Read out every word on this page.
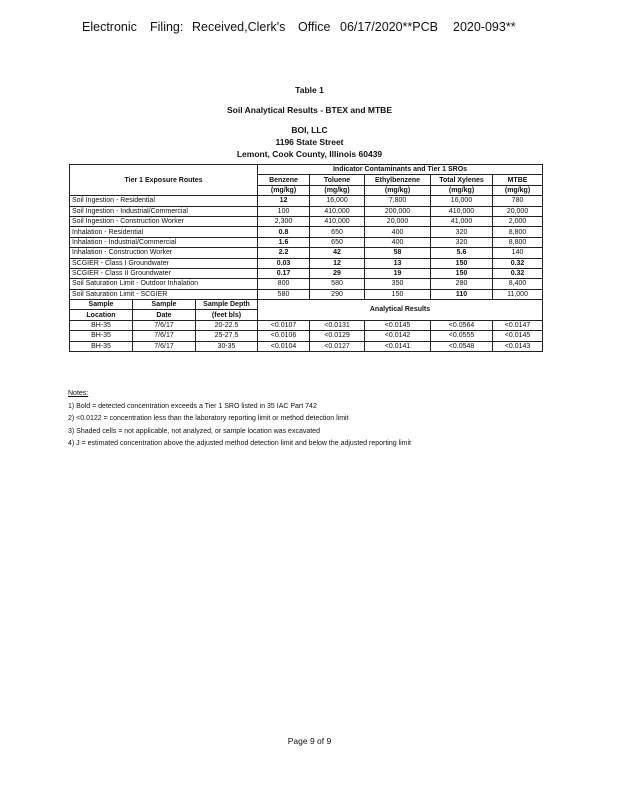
Electronic Filing: Received,Clerk's Office 06/17/2020**PCB 2020-093**
Table 1
Soil Analytical Results - BTEX and MTBE
BOI, LLC
1196 State Street
Lemont, Cook County, Illinois 60439
Tier 1 Exposure Routes			Indicator Contaminants and Tier 1 SROs				
			Benzene	Toluene	Ethylbenzene	Total Xylenes	MTBE
			(mg/kg)	(mg/kg)	(mg/kg)	(mg/kg)	(mg/kg)
Soil Ingestion - Residential			12	16,000	7,800	16,000	780
Soil Ingestion - Industrial/Commercial			100	410,000	200,000	410,000	20,000
Soil Ingestion - Construction Worker			2,300	410,000	20,000	41,000	2,000
Inhalation - Residential			0.8	650	400	320	8,800
Inhalation - Industrial/Commercial			1.6	650	400	320	8,800
Inhalation - Construction Worker			2.2	42	58	5.6	140
SCGIER - Class I Groundwater			0.03	12	13	150	0.32
SCGIER - Class II Groundwater			0.17	29	19	150	0.32
Soil Saturation Limit - Outdoor Inhalation			800	580	350	280	8,400
Soil Saturation Limit - SCGIER			580	290	150	110	11,000
Sample	Sample	Sample Depth	Analytical Results				
Location	Date	(feet bls)					
BH-35	7/6/17	20-22.5	<0.0107	<0.0131	<0.0145	<0.0564	<0.0147
BH-35	7/6/17	25-27.5	<0.0106	<0.0129	<0.0142	<0.0555	<0.0145
BH-35	7/6/17	30-35	<0.0104	<0.0127	<0.0141	<0.0548	<0.0143
Notes:
1) Bold = detected concentration exceeds a Tier 1 SRO listed in 35 IAC Part 742
2) <0.0122 = concentration less than the laboratory reporting limit or method detection limit
3) Shaded cells = not applicable, not analyzed, or sample location was excavated
4) J = estimated concentration above the adjusted method detection limit and below the adjusted reporting limit
Page 9 of 9
